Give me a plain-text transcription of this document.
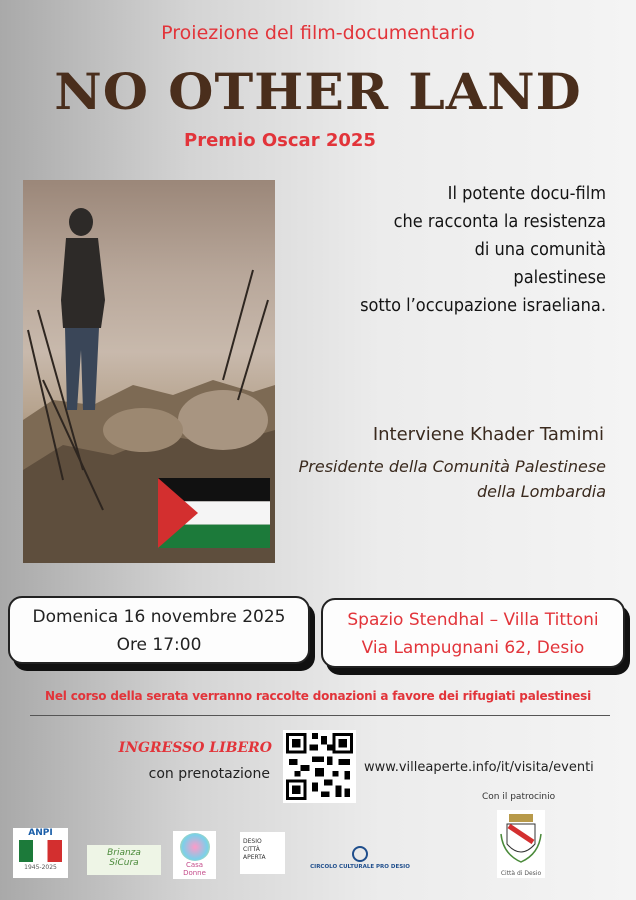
Proiezione del film-documentario
NO OTHER LAND
Premio Oscar 2025
Il potente docu-film
che racconta la resistenza
di una comunità
palestinese
sotto l’occupazione israeliana.
Interviene Khader Tamimi
Presidente della Comunità Palestinese
della Lombardia
Domenica 16 novembre 2025
Ore 17:00
Spazio Stendhal – Villa Tittoni
Via Lampugnani 62, Desio
Nel corso della serata verranno raccolte donazioni a favore dei rifugiati palestinesi
INGRESSO LIBERO
con prenotazione	www.villeaperte.info/it/visita/eventi
Con il patrocinio
ANPI
1945-2025
Brianza
SiCura	Casa
Donne
DESIO
CITTÀ
APERTA
CIRCOLO CULTURALE PRO DESIO
Città di Desio
